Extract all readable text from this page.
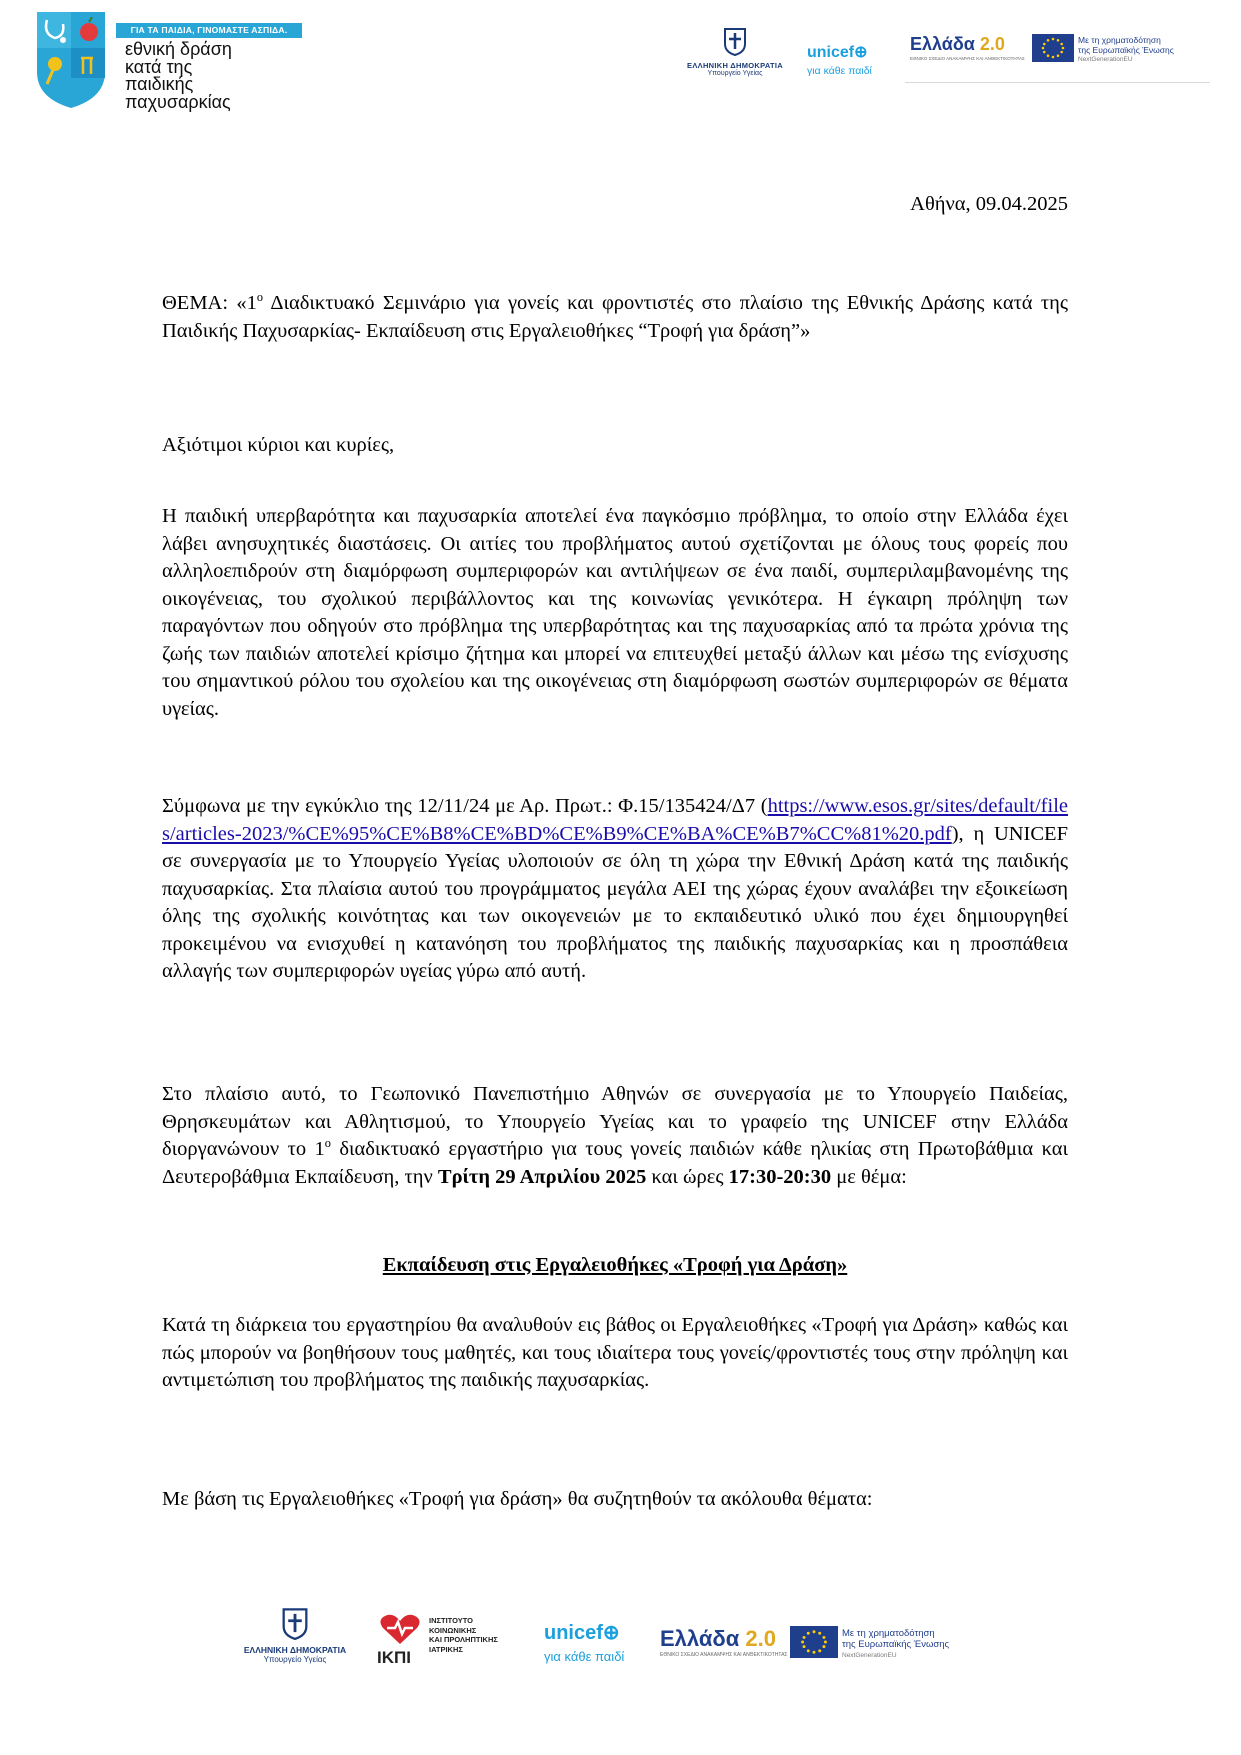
ΓΙΑ ΤΑ ΠΑΙΔΙΑ, ΓΙΝΟΜΑΣΤΕ ΑΣΠΙΔΑ.
εθνική δράση
κατά της
παιδικής
παχυσαρκίας
ΕΛΛΗΝΙΚΗ ΔΗΜΟΚΡΑΤΙΑ
Υπουργείο Υγείας
unicef⊕
για κάθε παιδί
Ελλάδα 2.0
ΕΘΝΙΚΟ ΣΧΕΔΙΟ ΑΝΑΚΑΜΨΗΣ ΚΑΙ ΑΝΘΕΚΤΙΚΟΤΗΤΑΣ
Με τη χρηματοδότηση
της Ευρωπαϊκής Ένωσης
NextGenerationEU
Αθήνα, 09.04.2025

ΘΕΜΑ: «$1^o$ Διαδικτυακό Σεμινάριο για γονείς και φροντιστές στο πλαίσιο της Εθνικής Δράσης κατά της Παιδικής Παχυσαρκίας- Εκπαίδευση στις Εργαλειοθήκες “Τροφή για δράση”»

Αξιότιμοι κύριοι και κυρίες,
Η παιδική υπερβαρότητα και παχυσαρκία αποτελεί ένα παγκόσμιο πρόβλημα, το οποίο στην Ελλάδα έχει λάβει ανησυχητικές διαστάσεις. Οι αιτίες του προβλήματος αυτού σχετίζονται με όλους τους φορείς που αλληλοεπιδρούν στη διαμόρφωση συμπεριφορών και αντιλήψεων σε ένα παιδί, συμπεριλαμβανομένης της οικογένειας, του σχολικού περιβάλλοντος και της κοινωνίας γενικότερα. Η έγκαιρη πρόληψη των παραγόντων που οδηγούν στο πρόβλημα της υπερβαρότητας και της παχυσαρκίας από τα πρώτα χρόνια της ζωής των παιδιών αποτελεί κρίσιμο ζήτημα και μπορεί να επιτευχθεί μεταξύ άλλων και μέσω της ενίσχυσης του σημαντικού ρόλου του σχολείου και της οικογένειας στη διαμόρφωση σωστών συμπεριφορών σε θέματα υγείας.

Σύμφωνα με την εγκύκλιο της 12/11/24 με Αρ. Πρωτ.: Φ.15/135424/Δ7 (https://www.esos.gr/sites/default/files/articles-2023/%CE%95%CE%B8%CE%BD%CE%B9%CE%BA%CE%B7%CC%81%20.pdf), η UNICEF σε συνεργασία με το Υπουργείο Υγείας υλοποιούν σε όλη τη χώρα την Εθνική Δράση κατά της παιδικής παχυσαρκίας. Στα πλαίσια αυτού του προγράμματος μεγάλα ΑΕΙ της χώρας έχουν αναλάβει την εξοικείωση όλης της σχολικής κοινότητας και των οικογενειών με το εκπαιδευτικό υλικό που έχει δημιουργηθεί προκειμένου να ενισχυθεί η κατανόηση του προβλήματος της παιδικής παχυσαρκίας και η προσπάθεια αλλαγής των συμπεριφορών υγείας γύρω από αυτή.

Στο πλαίσιο αυτό, το Γεωπονικό Πανεπιστήμιο Αθηνών σε συνεργασία με το Υπουργείο Παιδείας, Θρησκευμάτων και Αθλητισμού, το Υπουργείο Υγείας και το γραφείο της UNICEF στην Ελλάδα διοργανώνουν το $1^o$ διαδικτυακό εργαστήριο για τους γονείς παιδιών κάθε ηλικίας στη Πρωτοβάθμια και Δευτεροβάθμια Εκπαίδευση, την Τρίτη 29 Απριλίου 2025 και ώρες 17:30-20:30 με θέμα:

Εκπαίδευση στις Εργαλειοθήκες «Τροφή για Δράση»
Κατά τη διάρκεια του εργαστηρίου θα αναλυθούν εις βάθος οι Εργαλειοθήκες «Τροφή για Δράση» καθώς και πώς μπορούν να βοηθήσουν τους μαθητές, και τους ιδιαίτερα τους γονείς/φροντιστές τους στην πρόληψη και αντιμετώπιση του προβλήματος της παιδικής παχυσαρκίας.
Με βάση τις Εργαλειοθήκες «Τροφή για δράση» θα συζητηθούν τα ακόλουθα θέματα:
ΕΛΛΗΝΙΚΗ ΔΗΜΟΚΡΑΤΙΑ
Υπουργείο Υγείας	ΙΚΠΙ
ΙΝΣΤΙΤΟΥΤΟ
ΚΟΙΝΩΝΙΚΗΣ
ΚΑΙ ΠΡΟΛΗΠΤΙΚΗΣ
ΙΑΤΡΙΚΗΣ
unicef⊕
για κάθε παιδί
Ελλάδα 2.0
ΕΘΝΙΚΟ ΣΧΕΔΙΟ ΑΝΑΚΑΜΨΗΣ ΚΑΙ ΑΝΘΕΚΤΙΚΟΤΗΤΑΣ
Με τη χρηματοδότηση
της Ευρωπαϊκής Ένωσης
NextGenerationEU
